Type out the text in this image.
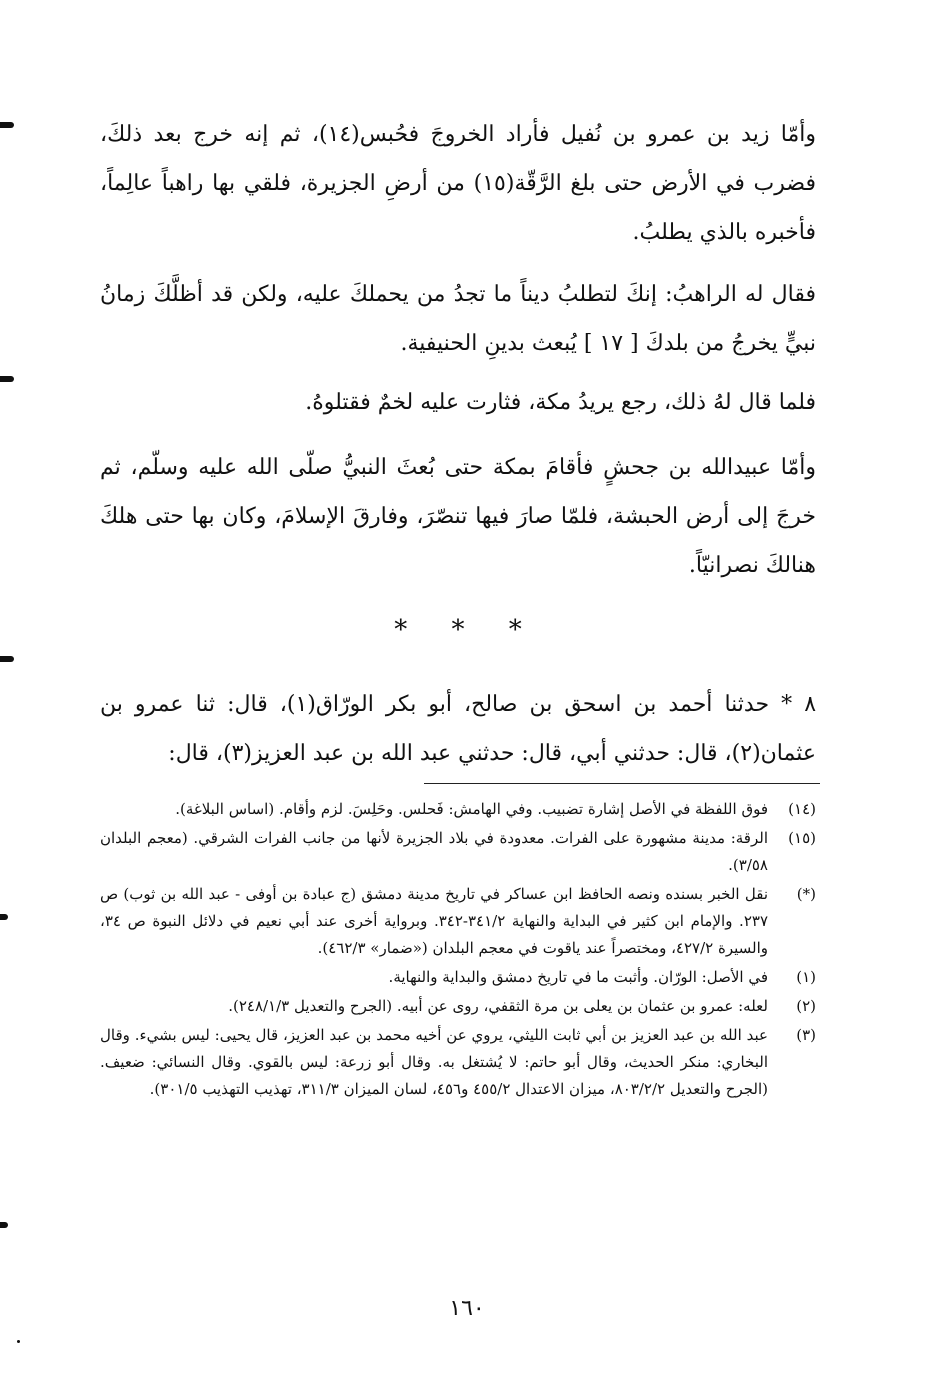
وأمّا زيد بن عمرو بن نُفيل فأراد الخروجَ فحُبس(١٤)، ثم إنه خرج بعد ذلكَ، فضرب في الأرض حتى بلغ الرَّقّة(١٥) من أرضِ الجزيرة، فلقي بها راهباً عالِماً، فأخبره بالذي يطلبُ.

فقال له الراهبُ: إنكَ لتطلبُ ديناً ما تجدُ من يحملكَ عليه، ولكن قد أظلَّكَ زمانُ نبيٍّ يخرجُ من بلدكَ [ ١٧ ] يُبعث بدينِ الحنيفية.

فلما قال لهُ ذلك، رجع يريدُ مكة، فثارت عليه لخمٌ فقتلوهُ.

وأمّا عبيدالله بن جحشٍ فأقامَ بمكة حتى بُعثَ النبيُّ صلّى الله عليه وسلّم، ثم خرجَ إلى أرض الحبشة، فلمّا صارَ فيها تنصّرَ، وفارقَ الإسلامَ، وكان بها حتى هلكَ هنالكَ نصرانيّاً.

* * *

٨ * حدثنا أحمد بن اسحق بن صالح، أبو بكر الورّاق(١)، قال: ثنا عمرو بن عثمان(٢)، قال: حدثني أبي، قال: حدثني عبد الله بن عبد العزيز(٣)، قال:

(١٤)
فوق اللفظة في الأصل إشارة تضبيب. وفي الهامش: فَحلس. وحَلِسَ. لزم وأقام. (اساس البلاغة).
(١٥)
الرقة: مدينة مشهورة على الفرات. معدودة في بلاد الجزيرة لأنها من جانب الفرات الشرقي. (معجم البلدان ٣/٥٨).
(*)
نقل الخبر بسنده ونصه الحافظ ابن عساكر في تاريخ مدينة دمشق (ج عبادة بن أوفى - عبد الله بن ثوب) ص ٢٣٧. والإمام ابن كثير في البداية والنهاية ٣٤١/٢-٣٤٢. وبرواية أخرى عند أبي نعيم في دلائل النبوة ص ٣٤، والسيرة ٤٢٧/٢، ومختصراً عند ياقوت في معجم البلدان («ضمار» ٤٦٢/٣).
(١)
في الأصل: الورّان. وأثبت ما في تاريخ دمشق والبداية والنهاية.
(٢)
لعله: عمرو بن عثمان بن يعلى بن مرة الثقفي، روى عن أبيه. (الجرح والتعديل ٢٤٨/١/٣).
(٣)
عبد الله بن عبد العزيز بن أبي ثابت الليثي، يروي عن أخيه محمد بن عبد العزيز، قال يحيى: ليس بشيء. وقال البخاري: منكر الحديث، وقال أبو حاتم: لا يُشتغل به. وقال أبو زرعة: ليس بالقوي. وقال النسائي: ضعيف. (الجرح والتعديل ٨٠٣/٢/٢، ميزان الاعتدال ٤٥٥/٢ و٤٥٦، لسان الميزان ٣١١/٣، تهذيب التهذيب ٣٠١/٥).
١٦٠
